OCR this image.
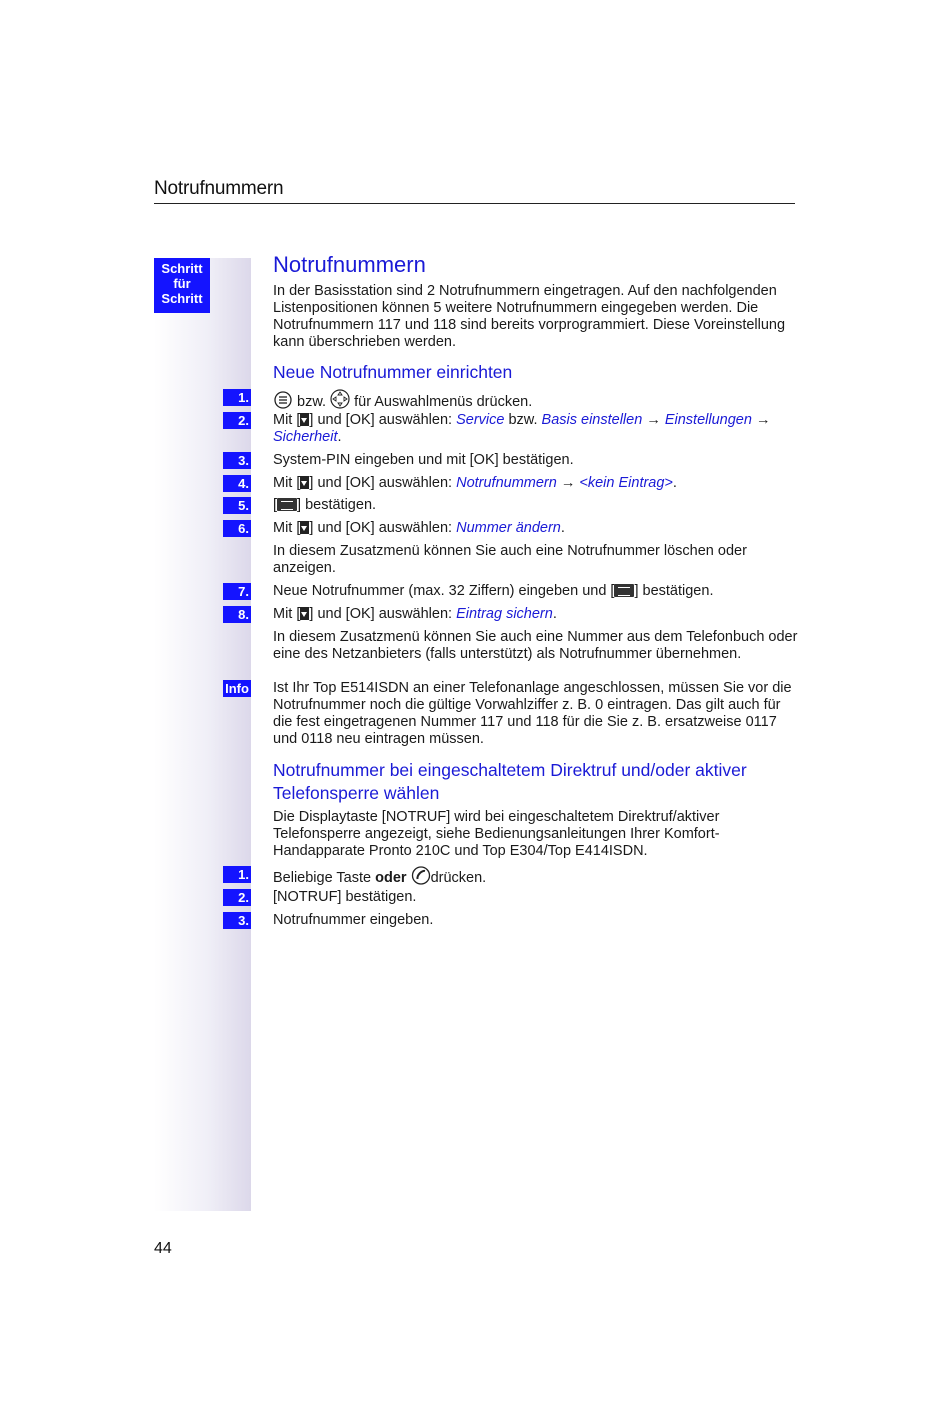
Notrufnummern
Schritt
für
Schritt
1.
2.
3.
4.
5.
6.
7.
8.
Info
1.
2.
3.
Notrufnummern
In der Basisstation sind 2 Notrufnummern eingetragen. Auf den nachfolgenden Listenpositionen können 5 weitere Notrufnummern eingegeben werden. Die Notrufnummern 117 und 118 sind bereits vorprogrammiert. Diese Voreinstellung kann überschrieben werden.
Neue Notrufnummer einrichten
bzw. für Auswahlmenüs drücken.
Mit [ ] und [OK] auswählen: Service bzw. Basis einstellen → Einstellungen → Sicherheit.
System-PIN eingeben und mit [OK] bestätigen.
Mit [ ] und [OK] auswählen: Notrufnummern → <kein Eintrag>.
[ ] bestätigen.
Mit [ ] und [OK] auswählen: Nummer ändern.
In diesem Zusatzmenü können Sie auch eine Notrufnummer löschen oder anzeigen.
Neue Notrufnummer (max. 32 Ziffern) eingeben und [ ] bestätigen.
Mit [ ] und [OK] auswählen: Eintrag sichern.
In diesem Zusatzmenü können Sie auch eine Nummer aus dem Telefonbuch oder eine des Netzanbieters (falls unterstützt) als Notrufnummer übernehmen.
Ist Ihr Top E514ISDN an einer Telefonanlage angeschlossen, müssen Sie vor die Notrufnummer noch die gültige Vorwahlziffer z. B. 0 eintragen. Das gilt auch für die fest eingetragenen Nummer 117 und 118 für die Sie z. B. ersatzweise 0117 und 0118 neu eintragen müssen.
Notrufnummer bei eingeschaltetem Direktruf und/oder aktiver
Telefonsperre wählen
Die Displaytaste [NOTRUF] wird bei eingeschaltetem Direktruf/aktiver Telefonsperre angezeigt, siehe Bedienungsanleitungen Ihrer Komfort-Handapparate Pronto 210C und Top E304/Top E414ISDN.
Beliebige Taste oder drücken.
[NOTRUF] bestätigen.
Notrufnummer eingeben.
44
